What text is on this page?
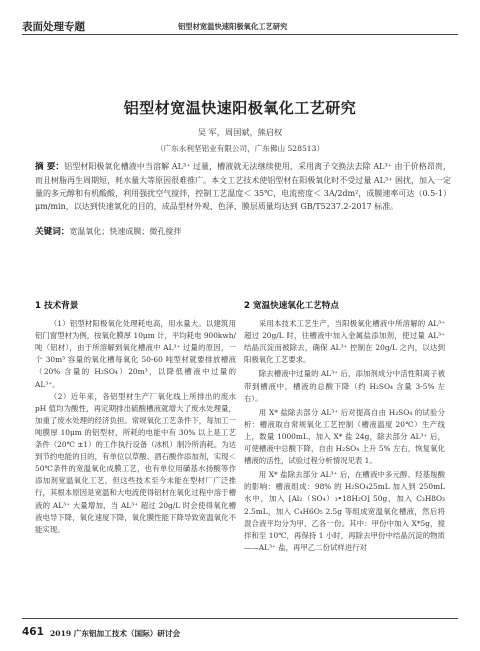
表面处理专题	铝型材宽温快速阳极氧化工艺研究
铝型材宽温快速阳极氧化工艺研究
吴 军，周国斌，熊启权
（广东永利坚铝业有限公司，广东佛山 528513）
摘 要：铝型材阳极氧化槽液中当溶解 AL³⁺ 过量，槽液就无法继续使用，采用离子交换法去除 AL³⁺ 由于价格昂贵，而且树脂再生周期短，耗水量大等原因很难推广。本文工艺技术使铝型材在阳极氧化时不受过量 AL³⁺ 困扰，加入一定量的多元醇和有机酸酸，利用强扰空气搅拌，控制工艺温度＜ 35℃，电流密度＜ 3A/2dm²，成膜速率可达（0.5-1）μm/min，以达到快速氧化的目的，成品型材外观、色泽、膜层质量均达到 GB/T5237.2-2017 标准。
关键词：宽温氧化；快速成膜；微孔搅拌
1 技术背景

（1）铝型材阳极氧化处理耗电高，用水量大。以建筑用铝门窗型材为例，按氧化膜厚 10μm 计，平均耗电 900kwh/ 吨（铝材），由于所溶解到氧化槽液中 AL³⁺ 过量的原因，一个 30m³ 容量的氧化槽每氧化 50-60 吨型材就要排放槽液（20% 含量的 H₂SO₄）20m³，以降低槽液中过量的 AL³⁺。

（2）近年来，各铝型材生产厂氧化线上所排出的废水 pH 值均为酸性，再定期排出硫酸槽液就增大了废水处理量，加重了废水处理的经济负担。常规氧化工艺条件下，每加工一吨膜厚 10μm 的铝型材，所耗的电能中有 30% 以上是工艺条件（20℃ ±1）的工作执行设备（冰机）制冷所消耗。为达到节约电能的目的，有单位以草酸、酒石酸作添加剂，实现＜ 50℃条件的宽温氧化成膜工艺，也有单位用磺基水扬酸等作添加剂宽温氧化工艺，但这些技术至今未能在型材厂广泛推行，其根本原因是宽温和大电流使得铝材在氧化过程中溶于槽液的 AL³⁺ 大量增加，当 AL³⁺ 超过 20g/L 时会使得氧化槽液电导下降，氧化速度下降，氧化膜性能下降导致宽温氧化不能实现。

2 宽温快速氧化工艺特点

采用本技术工艺生产，当阳极氧化槽液中所溶解的 AL³⁺ 超过 20g/L 时，往槽液中加入金属盐添加剂，使过量 AL³⁺ 结晶沉淀而被除去，确保 AL³⁺ 控制在 20g/L 之内，以达到阳极氧化工艺要求。

除去槽液中过量的 AL³⁺ 后，添加剂成分中活性阳离子被带到槽液中，槽液的总酸下降（约 H₂SO₄ 含量 3-5% 左右）。

用 X* 盐除去部分 AL³⁺ 后对提高自由 H₂SO₄ 的试验分析：槽液取自常规氧化工艺控制（槽液温度 20℃）生产线上，数量 1000mL，加入 X* 盐 24g，除去部分 AL³⁺ 后，可使槽液中总酸下降，自由 H₂SO₄ 上升 5% 左右，恢复氧化槽液的活性，试验过程分析情况见表 1。

用 X* 盐除去部分 AL³⁺ 后，在槽液中多元醇、羟基羧酸的影响：槽液组成：98% 的 H₂SO₄25mL 加入到 250mL 水中，加入 [Al₂（SO₄）₃•18H₂O] 50g，加入 C₃H8O₃ 2.5mL，加入 C₄H6O₅ 2.5g 等组成宽温氧化槽液，然后将混合液平均分为甲、乙各一份。其中：甲份中加入 X*5g，搅拌和至 10℃，再保持 1 小时，再除去甲份中结晶沉淀的物质——AL³⁺ 盐，再甲乙二份试样进行对

461 2019 广东铝加工技术（国际）研讨会
